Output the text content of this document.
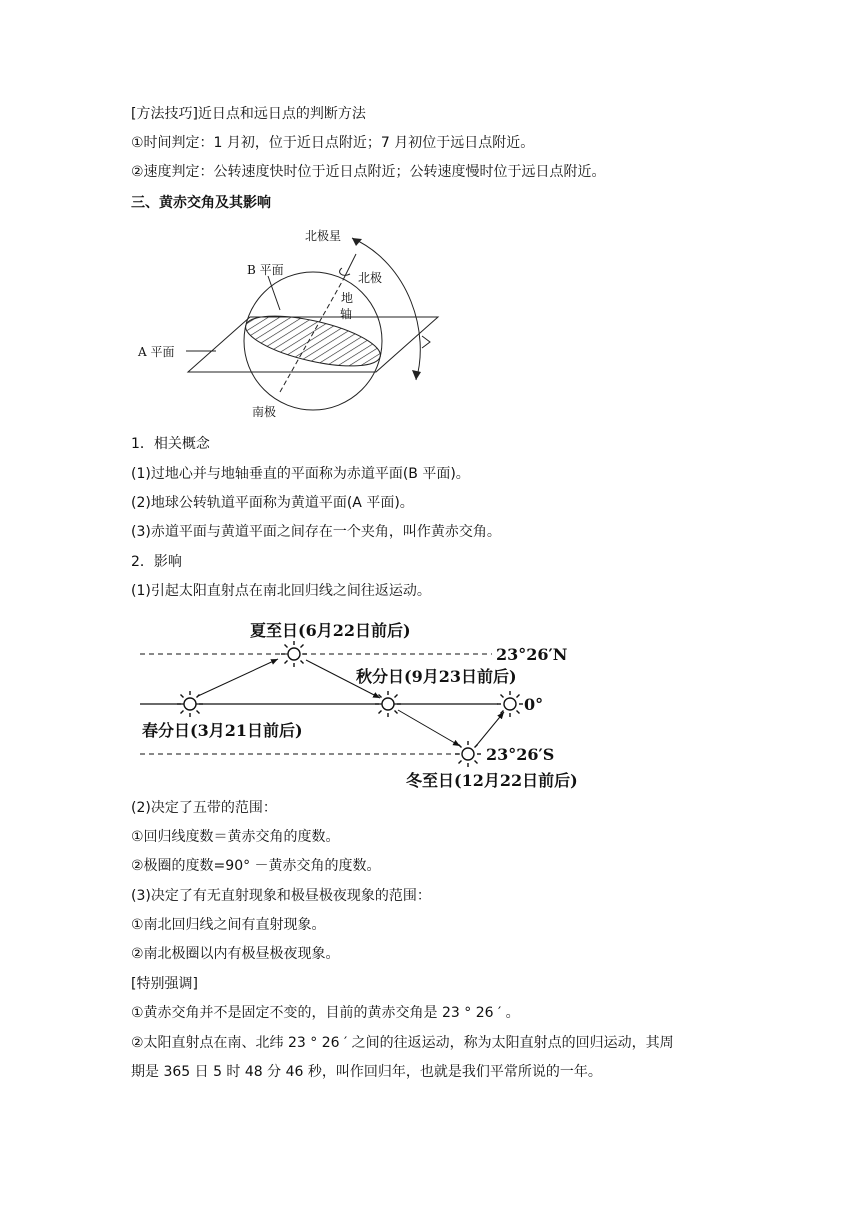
[方法技巧]近日点和远日点的判断方法
①时间判定：1 月初，位于近日点附近；7 月初位于远日点附近。
②速度判定：公转速度快时位于近日点附近；公转速度慢时位于远日点附近。
三、黄赤交角及其影响
北极星
B 平面
北极
地
轴
A 平面
南极
1．相关概念
(1)过地心并与地轴垂直的平面称为赤道平面(B 平面)。
(2)地球公转轨道平面称为黄道平面(A 平面)。
(3)赤道平面与黄道平面之间存在一个夹角，叫作黄赤交角。
2．影响
(1)引起太阳直射点在南北回归线之间往返运动。
夏至日(6月22日前后)
23°26′N
秋分日(9月23日前后)
0°
春分日(3月21日前后)
23°26′S
冬至日(12月22日前后)
(2)决定了五带的范围：
①回归线度数＝黄赤交角的度数。
②极圈的度数=90° －黄赤交角的度数。
(3)决定了有无直射现象和极昼极夜现象的范围：
①南北回归线之间有直射现象。
②南北极圈以内有极昼极夜现象。
[特别强调]
①黄赤交角并不是固定不变的，目前的黄赤交角是 23 ° 26 ′ 。
②太阳直射点在南、北纬 23 ° 26 ′ 之间的往返运动，称为太阳直射点的回归运动，其周
期是 365 日 5 时 48 分 46 秒，叫作回归年，也就是我们平常所说的一年。
